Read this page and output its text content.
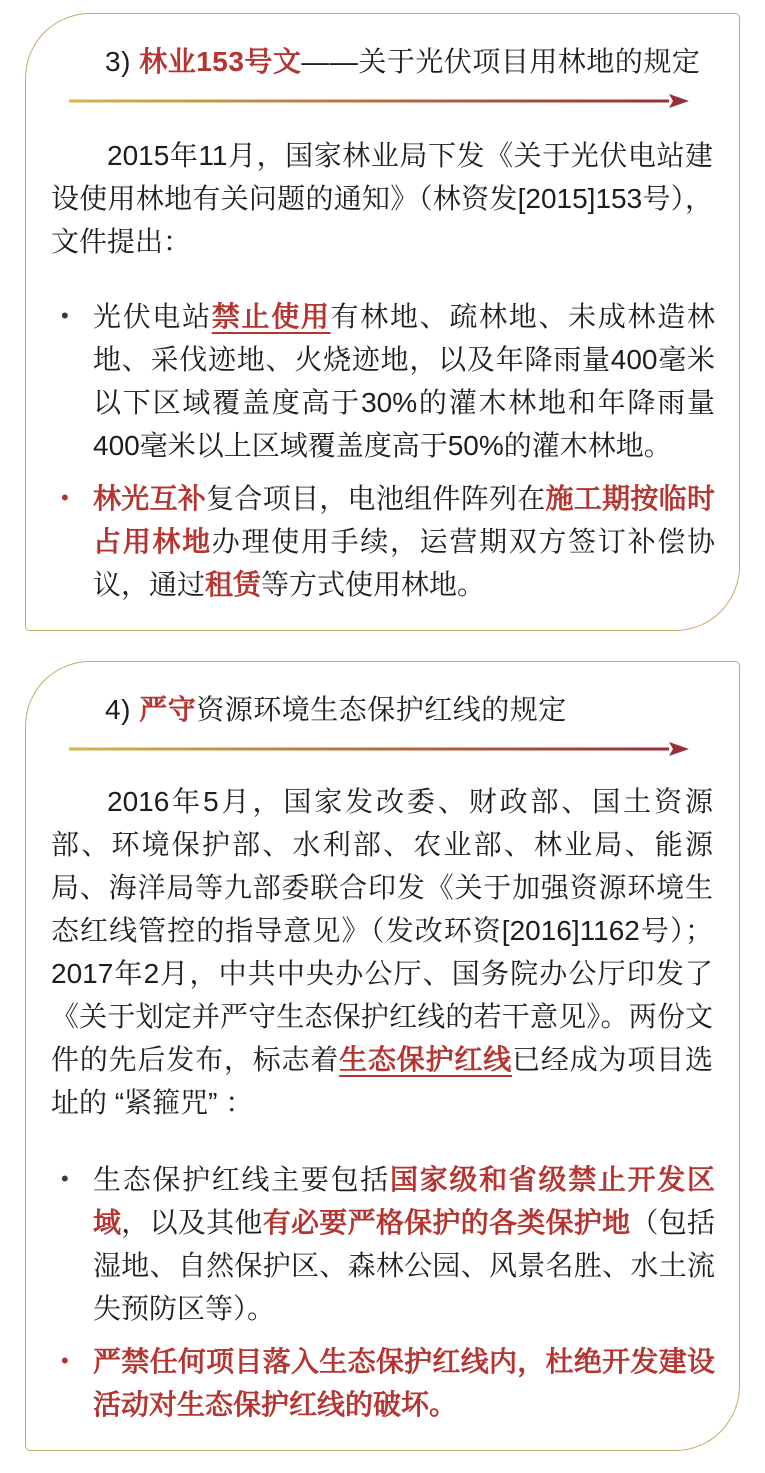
3) 林业153号文——关于光伏项目用林地的规定

2015年11月，国家林业局下发《关于光伏电站建设使用林地有关问题的通知》（林资发[2015]153号），文件提出：

• 光伏电站禁止使用有林地、疏林地、未成林造林地、采伐迹地、火烧迹地，以及年降雨量400毫米以下区域覆盖度高于30%的灌木林地和年降雨量400毫米以上区域覆盖度高于50%的灌木林地。
• 林光互补复合项目，电池组件阵列在施工期按临时占用林地办理使用手续，运营期双方签订补偿协议，通过租赁等方式使用林地。
4) 严守资源环境生态保护红线的规定

2016年5月，国家发改委、财政部、国土资源部、环境保护部、水利部、农业部、林业局、能源局、海洋局等九部委联合印发《关于加强资源环境生态红线管控的指导意见》（发改环资[2016]1162号）；2017年2月，中共中央办公厅、国务院办公厅印发了《关于划定并严守生态保护红线的若干意见》。两份文件的先后发布，标志着生态保护红线已经成为项目选址的 “紧箍咒” ：

• 生态保护红线主要包括国家级和省级禁止开发区域，以及其他有必要严格保护的各类保护地（包括湿地、自然保护区、森林公园、风景名胜、水土流失预防区等）。
• 严禁任何项目落入生态保护红线内，杜绝开发建设活动对生态保护红线的破坏。
